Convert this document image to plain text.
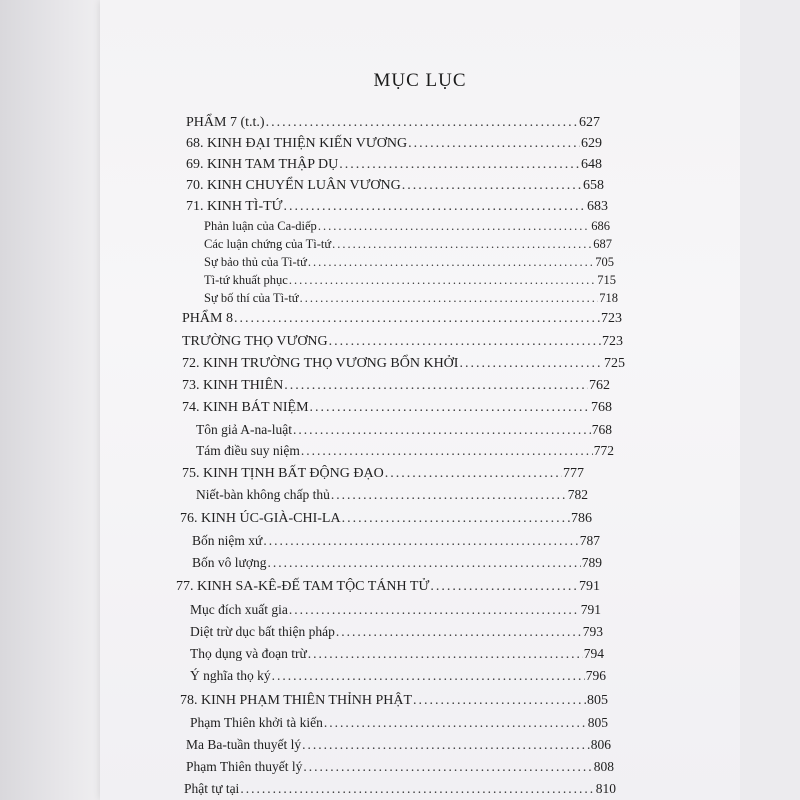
MỤC LỤC
PHẨM 7 (t.t.) .....	627
68. KINH ĐẠI THIỆN KIẾN VƯƠNG .....	629
69. KINH TAM THẬP DỤ .....	648
70. KINH CHUYỂN LUÂN VƯƠNG .....	658
71. KINH TÌ-TỨ .....	683
Phản luận của Ca-diếp .....	686
Các luận chứng của Tì-tứ .....	687
Sự bảo thủ của Tì-tứ .....	705
Tì-tứ khuất phục .....	715
Sự bố thí của Tì-tứ .....	718
PHẨM 8 .....	723
TRƯỜNG THỌ VƯƠNG .....	723
72. KINH TRƯỜNG THỌ VƯƠNG BỔN KHỞI .....	725
73. KINH THIÊN .....	762
74. KINH BÁT NIỆM .....	768
Tôn giả A-na-luật .....	768
Tám điều suy niệm .....	772
75. KINH TỊNH BẤT ĐỘNG ĐẠO .....	777
Niết-bàn không chấp thủ .....	782
76. KINH ÚC-GIÀ-CHI-LA .....	786
Bốn niệm xứ .....	787
Bốn vô lượng .....	789
77. KINH SA-KÊ-ĐẾ TAM TỘC TÁNH TỬ .....	791
Mục đích xuất gia .....	791
Diệt trừ dục bất thiện pháp .....	793
Thọ dụng và đoạn trừ .....	794
Ý nghĩa thọ ký .....	796
78. KINH PHẠM THIÊN THỈNH PHẬT .....	805
Phạm Thiên khởi tà kiến .....	805
Ma Ba-tuần thuyết lý .....	806
Phạm Thiên thuyết lý .....	808
Phật tự tại .....	810
